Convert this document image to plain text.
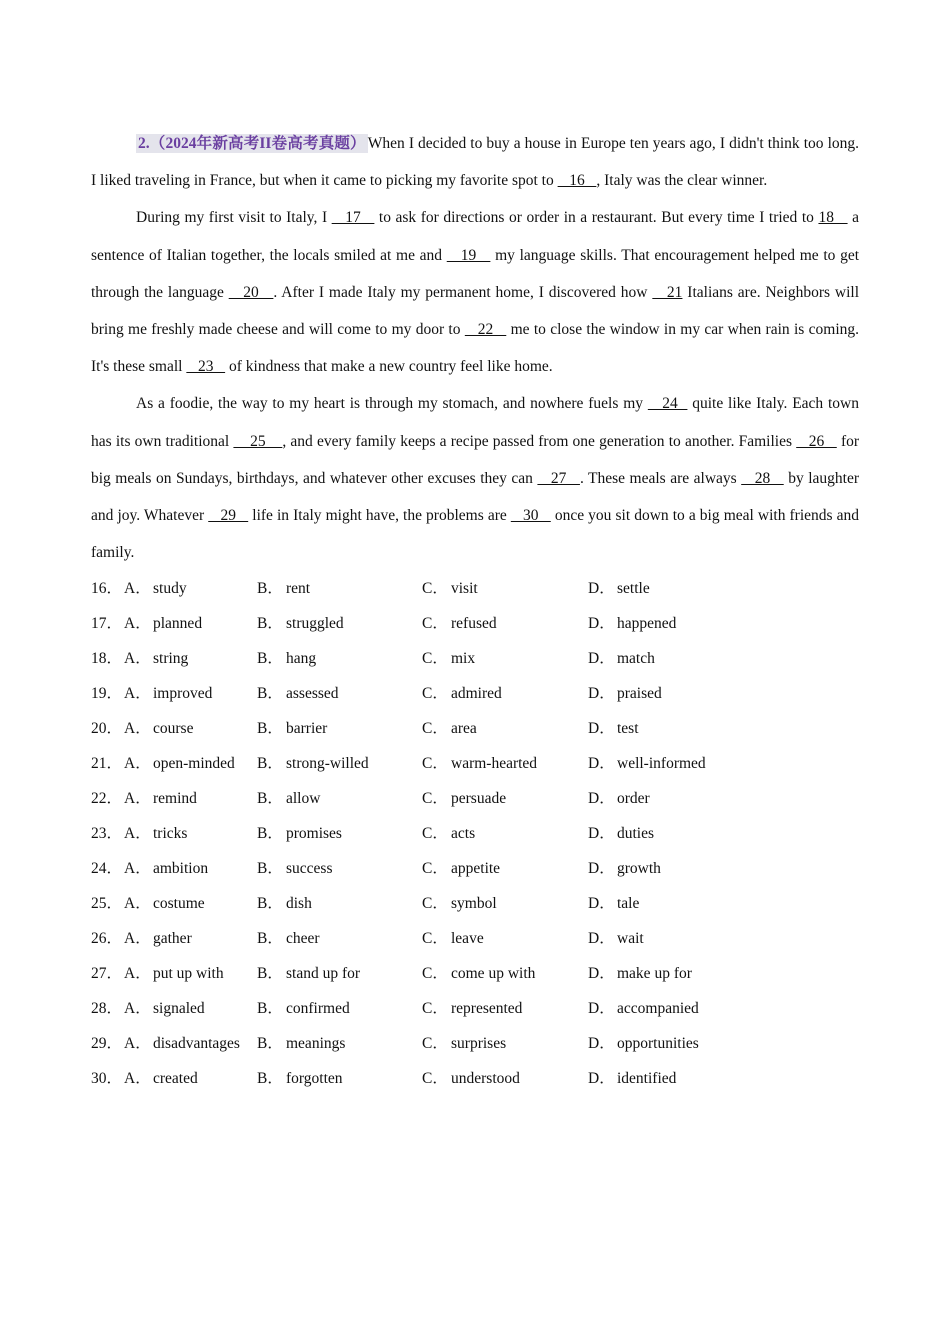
2.（2024年新高考II卷高考真题） When I decided to buy a house in Europe ten years ago, I didn't think too long. I liked traveling in France, but when it came to picking my favorite spot to    16   , Italy was the clear winner.

During my first visit to Italy, I    17    to ask for directions or order in a restaurant. But every time I tried to 18    a sentence of Italian together, the locals smiled at me and    19    my language skills. That encouragement helped me to get through the language    20   . After I made Italy my permanent home, I discovered how    21 Italians are. Neighbors will bring me freshly made cheese and will come to my door to    22    me to close the window in my car when rain is coming. It's these small    23    of kindness that make a new country feel like home.

As a foodie, the way to my heart is through my stomach, and nowhere fuels my    24   quite like Italy. Each town has its own traditional     25    , and every family keeps a recipe passed from one generation to another. Families    26    for big meals on Sundays, birthdays, and whatever other excuses they can    27   . These meals are always    28    by laughter and joy. Whatever    29    life in Italy might have, the problems are    30    once you sit down to a big meal with friends and family.

16． A． study	B． rent	C． visit	D． settle
17． A． planned	B． struggled	C． refused	D． happened
18． A． string	B． hang	C． mix	D． match
19． A． improved	B． assessed	C． admired	D． praised
20． A． course	B． barrier	C． area	D． test
21． A． open-minded B． strong-willed	C． warm-hearted	D． well-informed
22． A． remind	B． allow	C． persuade	D． order
23． A． tricks	B． promises	C． acts	D． duties
24． A． ambition	B． success	C． appetite	D． growth
25． A． costume	B． dish	C． symbol	D． tale
26． A． gather	B． cheer	C． leave	D． wait
27． A． put up with B． stand up for	C． come up with	D． make up for
28． A． signaled	B． confirmed	C． represented	D． accompanied
29． A． disadvantages B． meanings	C． surprises	D． opportunities
30． A． created	B． forgotten	C． understood	D． identified
